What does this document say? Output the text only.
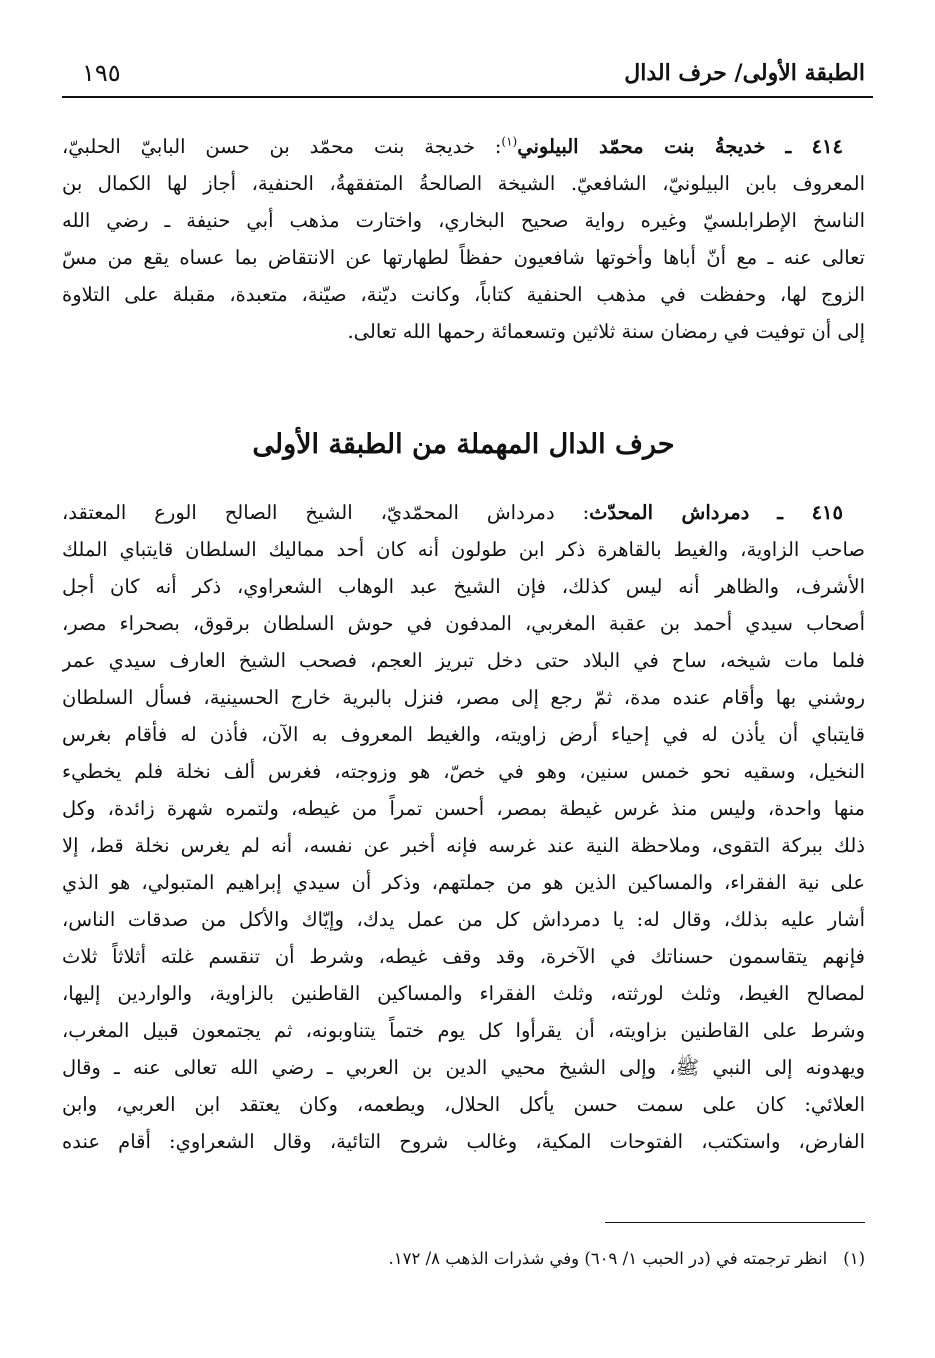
الطبقة الأولى/ حرف الدال
١٩٥
٤١٤ ـ خديجةُ بنت محمّد البيلوني$^{(١)}$: خديجة بنت محمّد بن حسن البابيّ الحلبيّ،
المعروف بابن البيلونيّ، الشافعيّ. الشيخة الصالحةُ المتفقهةُ، الحنفية، أجاز لها الكمال بن
الناسخ الإطرابلسيّ وغيره رواية صحيح البخاري، واختارت مذهب أبي حنيفة ـ رضي الله
تعالى عنه ـ مع أنّ أباها وأخوتها شافعيون حفظاً لطهارتها عن الانتقاض بما عساه يقع من مسّ
الزوج لها، وحفظت في مذهب الحنفية كتاباً، وكانت ديّنة، صيّنة، متعبدة، مقبلة على التلاوة
إلى أن توفيت في رمضان سنة ثلاثين وتسعمائة رحمها الله تعالى.
حرف الدال المهملة من الطبقة الأولى
٤١٥ ـ دمرداش المحدّث: دمرداش المحمّديّ، الشيخ الصالح الورع المعتقد،
صاحب الزاوية، والغيط بالقاهرة ذكر ابن طولون أنه كان أحد مماليك السلطان قايتباي الملك
الأشرف، والظاهر أنه ليس كذلك، فإن الشيخ عبد الوهاب الشعراوي، ذكر أنه كان أجل
أصحاب سيدي أحمد بن عقبة المغربي، المدفون في حوش السلطان برقوق، بصحراء مصر،
فلما مات شيخه، ساح في البلاد حتى دخل تبريز العجم، فصحب الشيخ العارف سيدي عمر
روشني بها وأقام عنده مدة، ثمّ رجع إلى مصر، فنزل بالبرية خارج الحسينية، فسأل السلطان
قايتباي أن يأذن له في إحياء أرض زاويته، والغيط المعروف به الآن، فأذن له فأقام بغرس
النخيل، وسقيه نحو خمس سنين، وهو في خصّ، هو وزوجته، فغرس ألف نخلة فلم يخطيء
منها واحدة، وليس منذ غرس غيطة بمصر، أحسن تمراً من غيطه، ولتمره شهرة زائدة، وكل
ذلك ببركة التقوى، وملاحظة النية عند غرسه فإنه أخبر عن نفسه، أنه لم يغرس نخلة قط، إلا
على نية الفقراء، والمساكين الذين هو من جملتهم، وذكر أن سيدي إبراهيم المتبولي، هو الذي
أشار عليه بذلك، وقال له: يا دمرداش كل من عمل يدك، وإيّاك والأكل من صدقات الناس،
فإنهم يتقاسمون حسناتك في الآخرة، وقد وقف غيطه، وشرط أن تنقسم غلته أثلاثاً ثلاث
لمصالح الغيط، وثلث لورثته، وثلث الفقراء والمساكين القاطنين بالزاوية، والواردين إليها،
وشرط على القاطنين بزاويته، أن يقرأوا كل يوم ختماً يتناوبونه، ثم يجتمعون قبيل المغرب،
ويهدونه إلى النبي ﷺ، وإلى الشيخ محيي الدين بن العربي ـ رضي الله تعالى عنه ـ وقال
العلائي: كان على سمت حسن يأكل الحلال، ويطعمه، وكان يعتقد ابن العربي، وابن
الفارض، واستكتب، الفتوحات المكية، وغالب شروح التائية، وقال الشعراوي: أقام عنده
(١)انظر ترجمته في (در الحبب ١/ ٦٠٩) وفي شذرات الذهب ٨/ ١٧٢.
